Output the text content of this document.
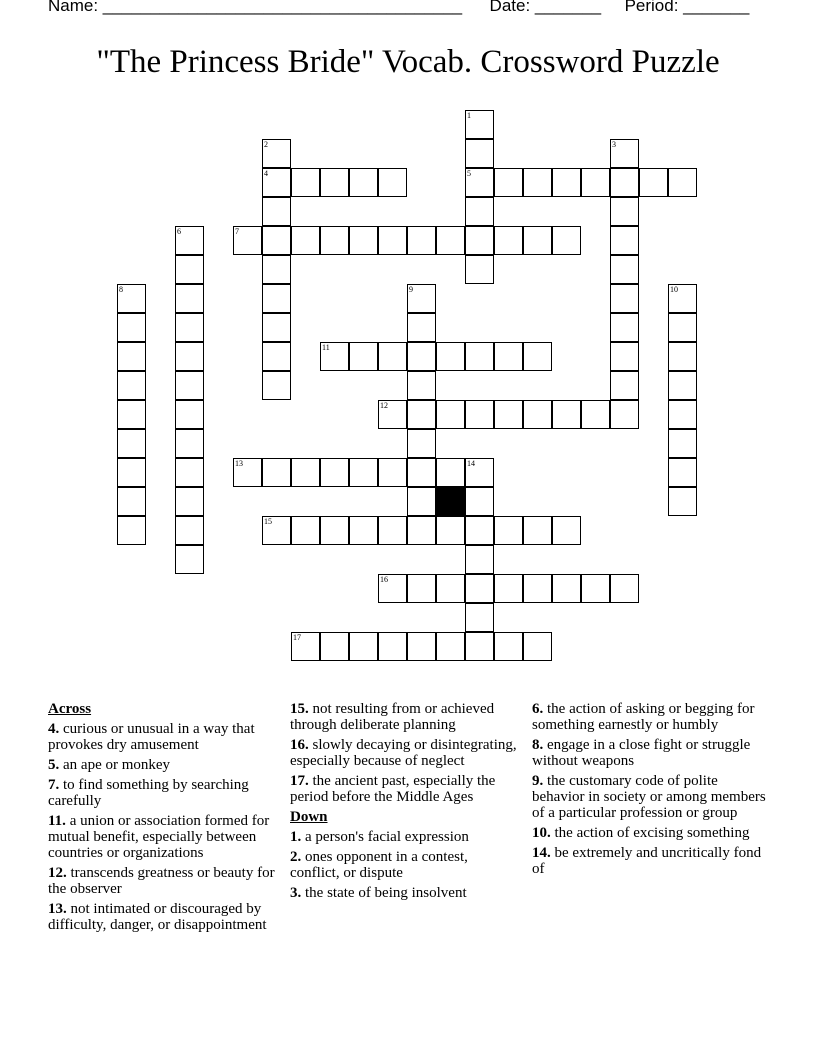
Name: ______________________________________ Date: _______ Period: _______
"The Princess Bride" Vocab. Crossword Puzzle
1
5
2
4
3
6	7
8	9	10
11
12
13	14
15
16
17
Across
4. curious or unusual in a way that provokes dry amusement
5. an ape or monkey
7. to find something by searching carefully
11. a union or association formed for mutual benefit, especially between countries or organizations
12. transcends greatness or beauty for the observer
13. not intimated or discouraged by difficulty, danger, or disappointment
15. not resulting from or achieved through deliberate planning
16. slowly decaying or disintegrating, especially because of neglect
17. the ancient past, especially the period before the Middle Ages
Down
1. a person's facial expression
2. ones opponent in a contest, conflict, or dispute
3. the state of being insolvent
6. the action of asking or begging for something earnestly or humbly
8. engage in a close fight or struggle without weapons
9. the customary code of polite behavior in society or among members of a particular profession or group
10. the action of excising something
14. be extremely and uncritically fond of
